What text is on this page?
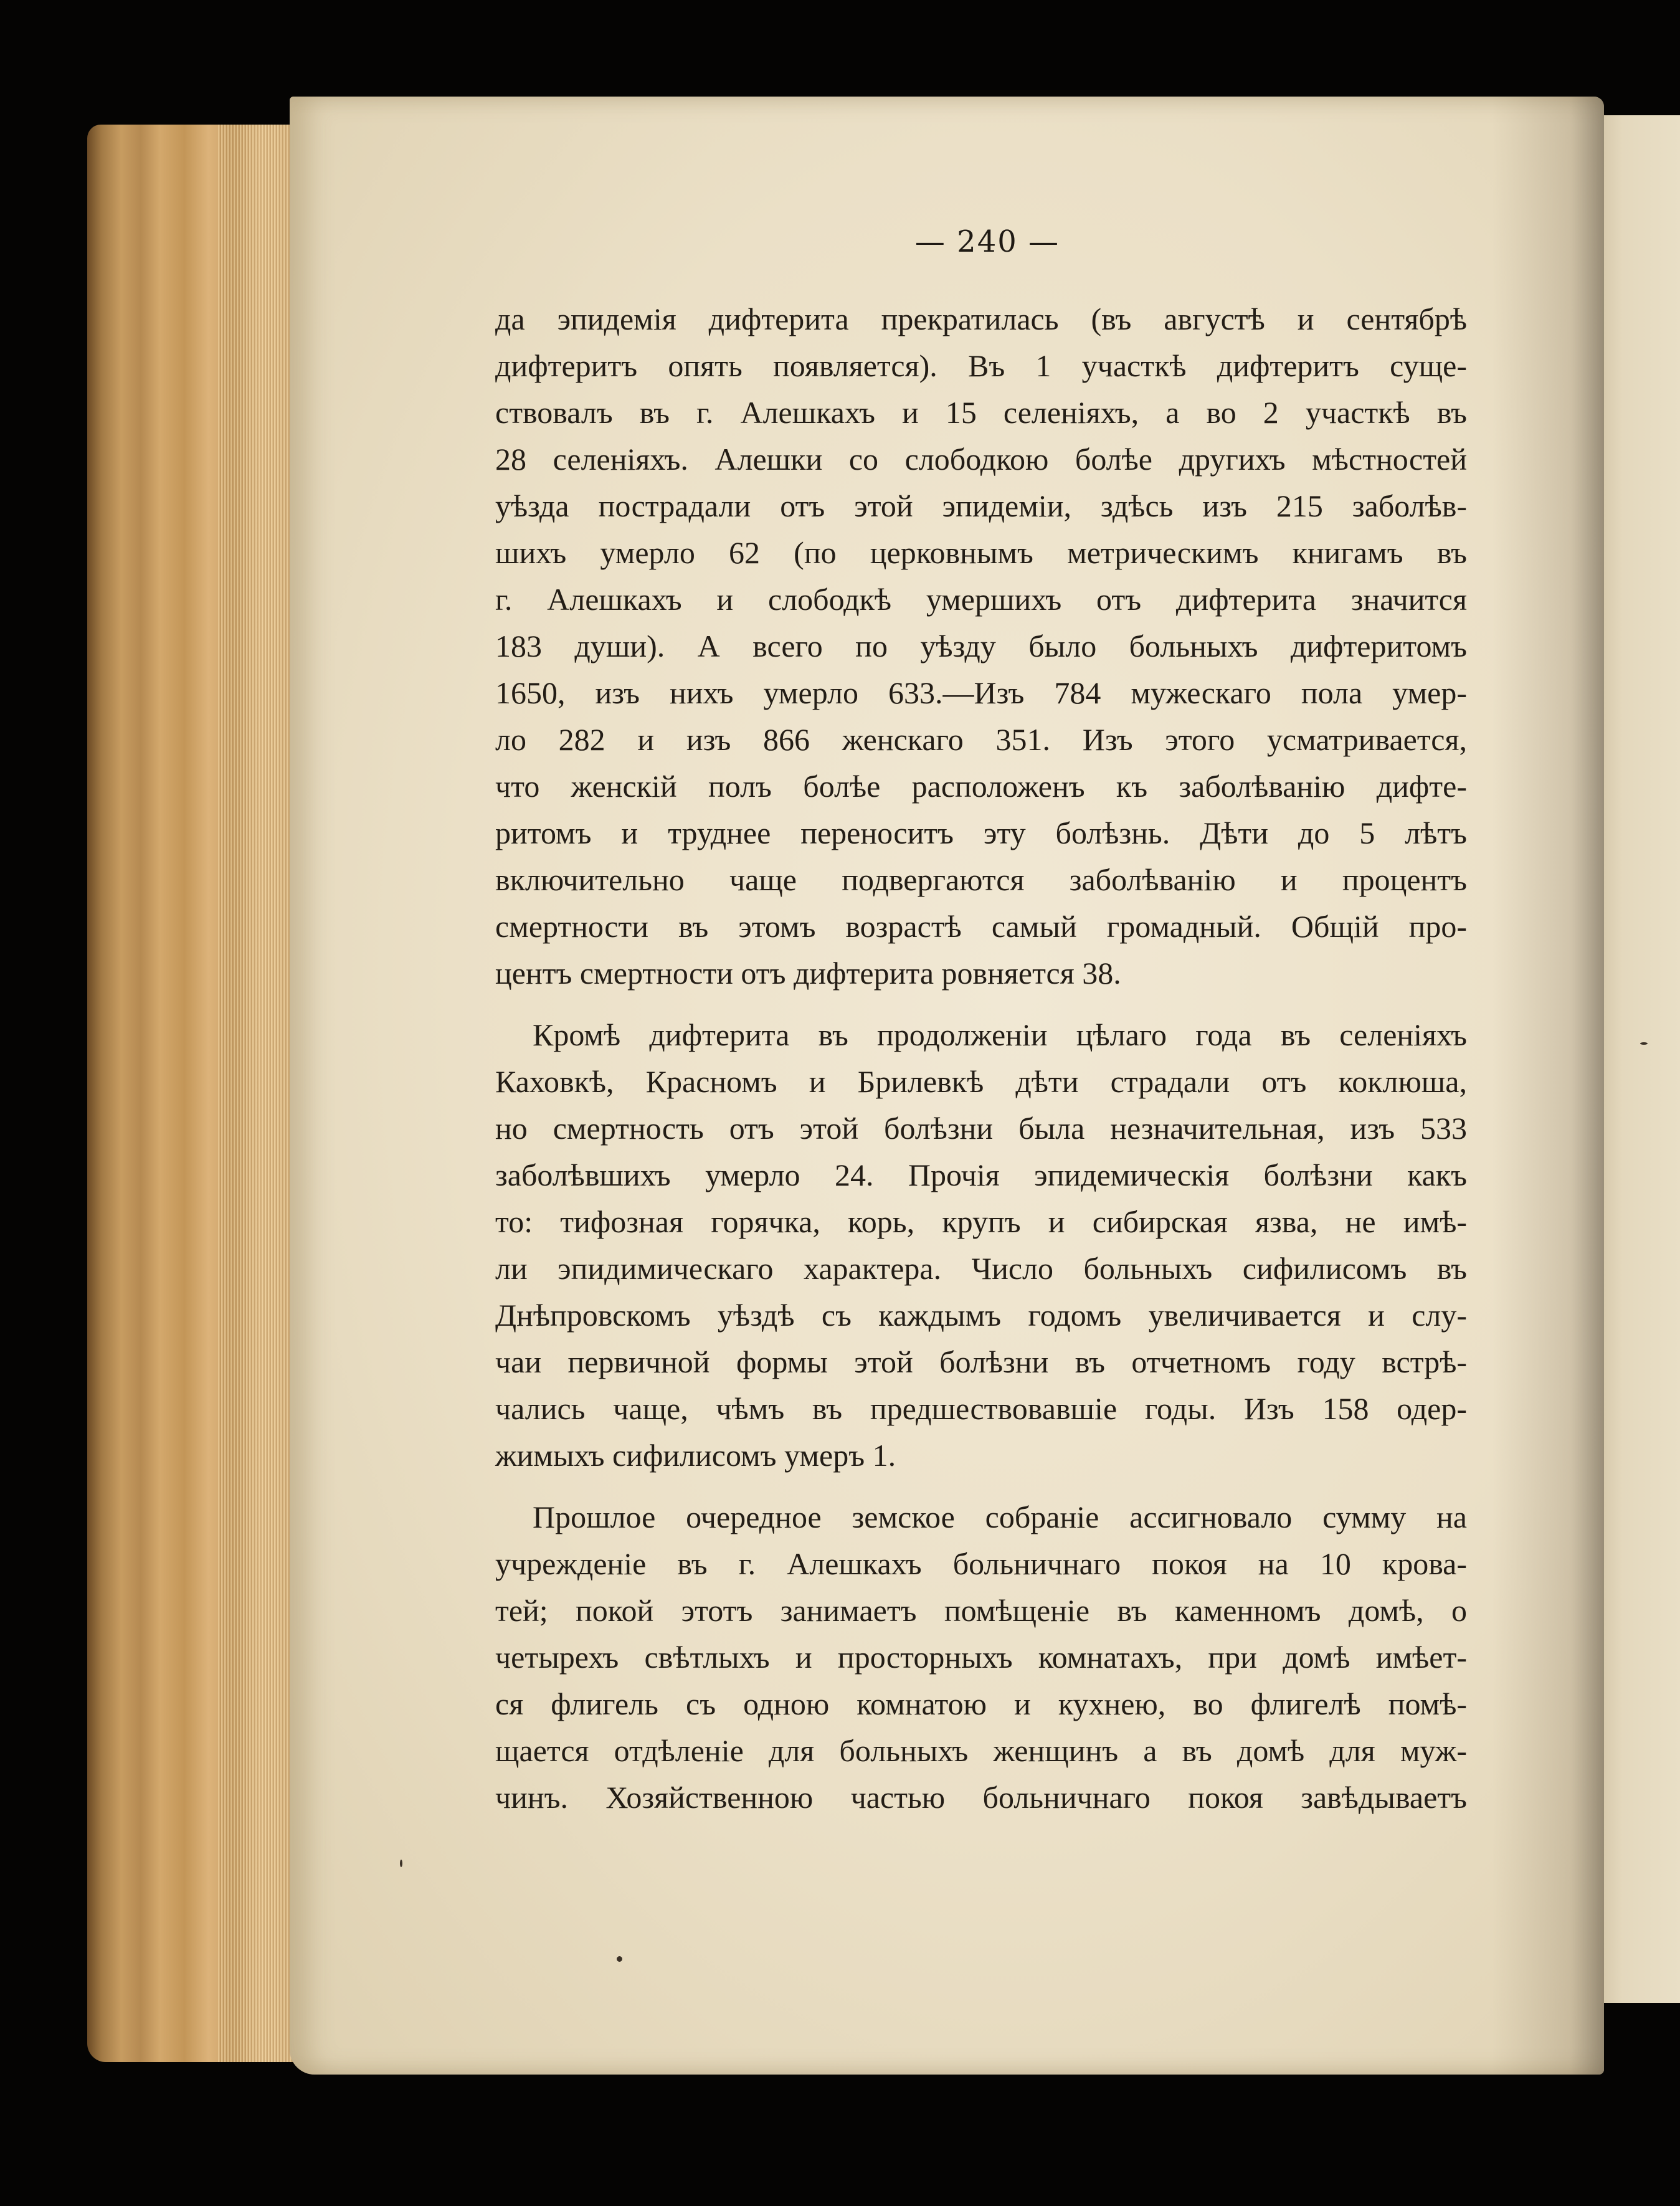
— 240 —
да эпидемія дифтерита прекратилась (въ августѣ и сентябрѣ
дифтеритъ опять появляется). Въ 1 участкѣ дифтеритъ суще-
ствовалъ въ г. Алешкахъ и 15 селеніяхъ, а во 2 участкѣ въ
28 селеніяхъ. Алешки со слободкою болѣе другихъ мѣстностей
уѣзда пострадали отъ этой эпидеміи, здѣсь изъ 215 заболѣв-
шихъ умерло 62 (по церковнымъ метрическимъ книгамъ въ
г. Алешкахъ и слободкѣ умершихъ отъ дифтерита значится
183 души). А всего по уѣзду было больныхъ дифтеритомъ
1650, изъ нихъ умерло 633.—Изъ 784 мужескаго пола умер-
ло 282 и изъ 866 женскаго 351. Изъ этого усматривается,
что женскій полъ болѣе расположенъ къ заболѣванію дифте-
ритомъ и труднее переноситъ эту болѣзнь. Дѣти до 5 лѣтъ
включительно чаще подвергаются заболѣванію и процентъ
смертности въ этомъ возрастѣ самый громадный. Общій про-
центъ смертности отъ дифтерита ровняется 38.
Кромѣ дифтерита въ продолженіи цѣлаго года въ селеніяхъ
Каховкѣ, Красномъ и Брилевкѣ дѣти страдали отъ коклюша,
но смертность отъ этой болѣзни была незначительная, изъ 533
заболѣвшихъ умерло 24. Прочія эпидемическія болѣзни какъ
то: тифозная горячка, корь, крупъ и сибирская язва, не имѣ-
ли эпидимическаго характера. Число больныхъ сифилисомъ въ
Днѣпровскомъ уѣздѣ съ каждымъ годомъ увеличивается и слу-
чаи первичной формы этой болѣзни въ отчетномъ году встрѣ-
чались чаще, чѣмъ въ предшествовавшіе годы. Изъ 158 одер-
жимыхъ сифилисомъ умеръ 1.
Прошлое очередное земское собраніе ассигновало сумму на
учрежденіе въ г. Алешкахъ больничнаго покоя на 10 крова-
тей; покой этотъ занимаетъ помѣщеніе въ каменномъ домѣ, о
четырехъ свѣтлыхъ и просторныхъ комнатахъ, при домѣ имѣет-
ся флигель съ одною комнатою и кухнею, во флигелѣ помѣ-
щается отдѣленіе для больныхъ женщинъ а въ домѣ для муж-
чинъ. Хозяйственною частью больничнаго покоя завѣдываетъ
